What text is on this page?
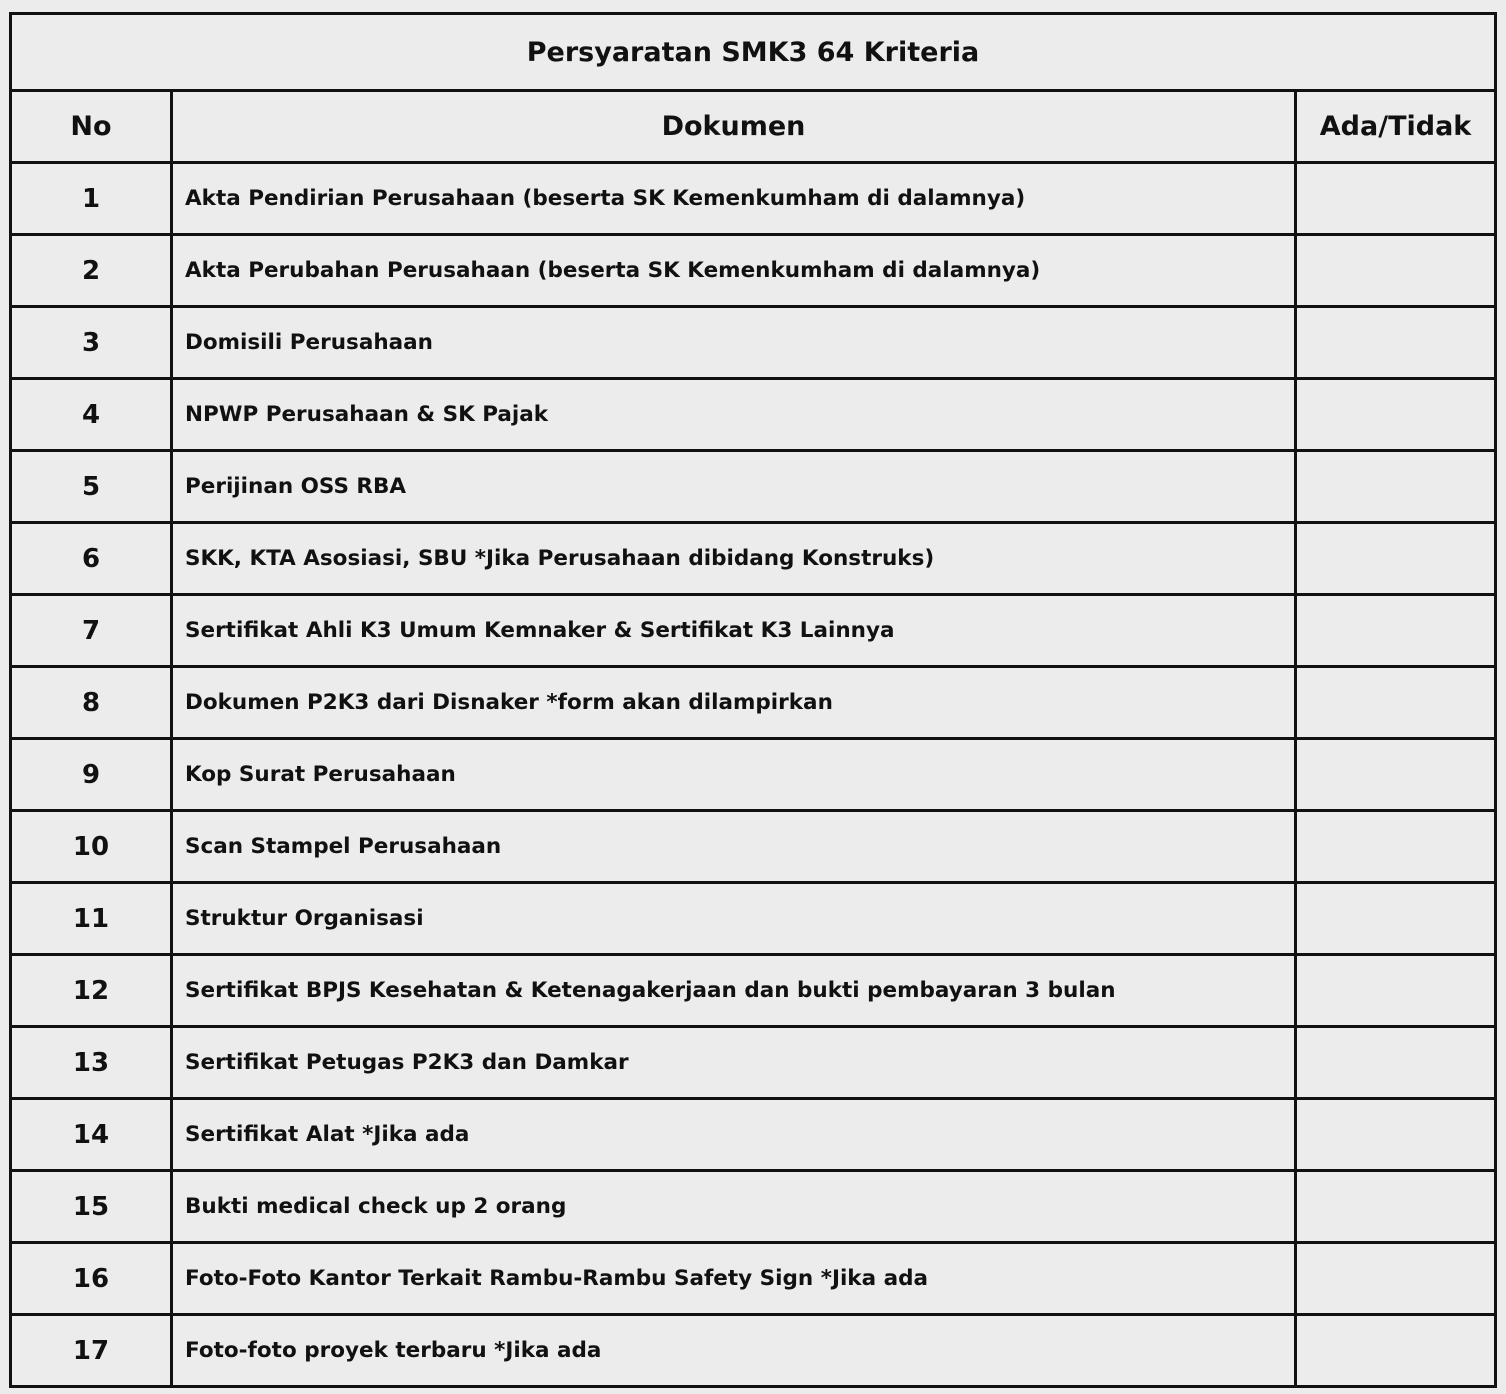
Persyaratan SMK3 64 Kriteria		
No	Dokumen	Ada/Tidak
1	Akta Pendirian Perusahaan (beserta SK Kemenkumham di dalamnya)	
2	Akta Perubahan Perusahaan (beserta SK Kemenkumham di dalamnya)	
3	Domisili Perusahaan	
4	NPWP Perusahaan & SK Pajak	
5	Perijinan OSS RBA	
6	SKK, KTA Asosiasi, SBU *Jika Perusahaan dibidang Konstruks)	
7	Sertifikat Ahli K3 Umum Kemnaker & Sertifikat K3 Lainnya	
8	Dokumen P2K3 dari Disnaker *form akan dilampirkan	
9	Kop Surat Perusahaan	
10	Scan Stampel Perusahaan	
11	Struktur Organisasi	
12	Sertifikat BPJS Kesehatan & Ketenagakerjaan dan bukti pembayaran 3 bulan	
13	Sertifikat Petugas P2K3 dan Damkar	
14	Sertifikat Alat *Jika ada	
15	Bukti medical check up 2 orang	
16	Foto-Foto Kantor Terkait Rambu-Rambu Safety Sign *Jika ada	
17	Foto-foto proyek terbaru *Jika ada	
